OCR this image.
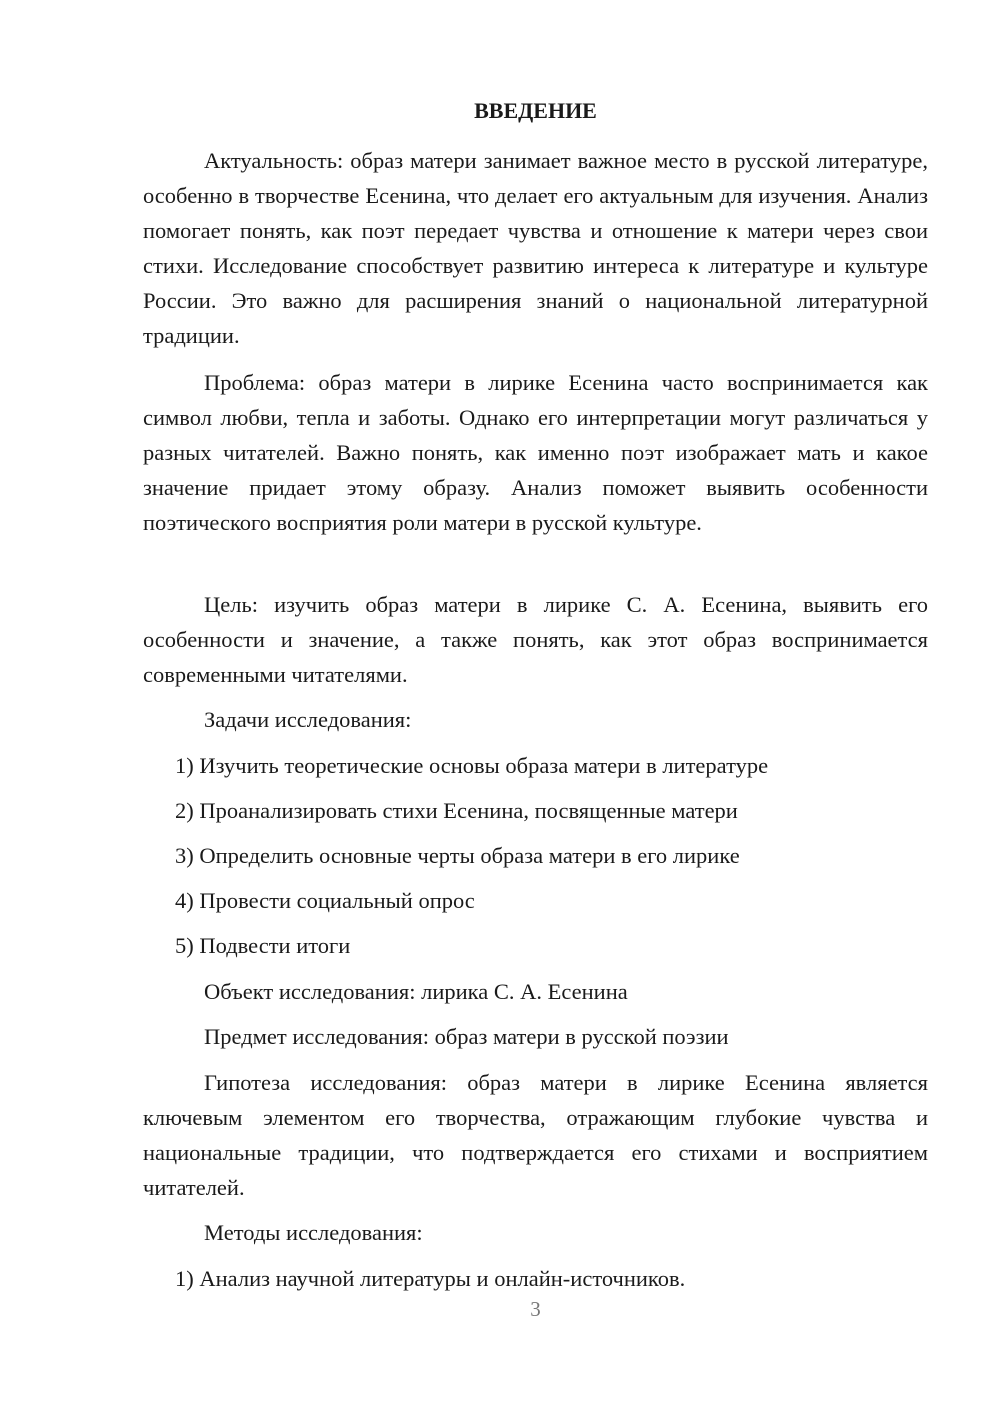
ВВЕДЕНИЕ

Актуальность: образ матери занимает важное место в русской литературе, особенно в творчестве Есенина, что делает его актуальным для изучения. Анализ помогает понять, как поэт передает чувства и отношение к матери через свои стихи. Исследование способствует развитию интереса к литературе и культуре России. Это важно для расширения знаний о национальной литературной традиции.

Проблема: образ матери в лирике Есенина часто воспринимается как символ любви, тепла и заботы. Однако его интерпретации могут различаться у разных читателей. Важно понять, как именно поэт изображает мать и какое значение придает этому образу. Анализ поможет выявить особенности поэтического восприятия роли матери в русской культуре.

Цель: изучить образ матери в лирике С. А. Есенина, выявить его особенности и значение, а также понять, как этот образ воспринимается современными читателями.

Задачи исследования:

1) Изучить теоретические основы образа матери в литературе

2) Проанализировать стихи Есенина, посвященные матери

3) Определить основные черты образа матери в его лирике

4) Провести социальный опрос

5) Подвести итоги

Объект исследования: лирика С. А. Есенина

Предмет исследования: образ матери в русской поэзии

Гипотеза исследования: образ матери в лирике Есенина является ключевым элементом его творчества, отражающим глубокие чувства и национальные традиции, что подтверждается его стихами и восприятием читателей.

Методы исследования:

1) Анализ научной литературы и онлайн-источников.

3
